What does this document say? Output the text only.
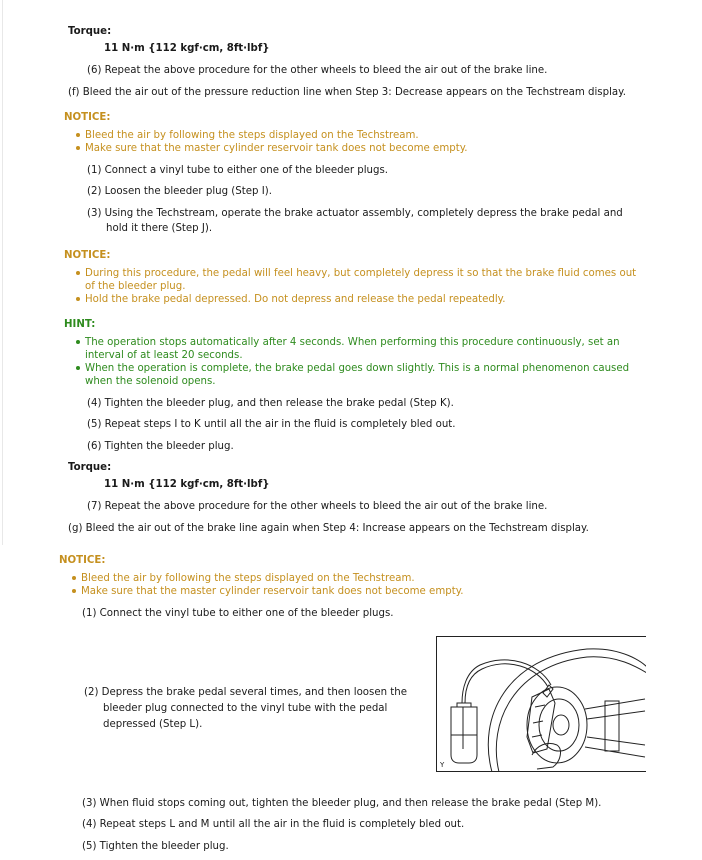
Torque:
11 N·m {112 kgf·cm, 8ft·lbf}
(6) Repeat the above procedure for the other wheels to bleed the air out of the brake line.
(f) Bleed the air out of the pressure reduction line when Step 3: Decrease appears on the Techstream display.
NOTICE:
Bleed the air by following the steps displayed on the Techstream.
Make sure that the master cylinder reservoir tank does not become empty.
(1) Connect a vinyl tube to either one of the bleeder plugs.
(2) Loosen the bleeder plug (Step I).
(3) Using the Techstream, operate the brake actuator assembly, completely depress the brake pedal and
hold it there (Step J).
NOTICE:
During this procedure, the pedal will feel heavy, but completely depress it so that the brake fluid comes out
of the bleeder plug.
Hold the brake pedal depressed. Do not depress and release the pedal repeatedly.
HINT:
The operation stops automatically after 4 seconds. When performing this procedure continuously, set an
interval of at least 20 seconds.
When the operation is complete, the brake pedal goes down slightly. This is a normal phenomenon caused
when the solenoid opens.
(4) Tighten the bleeder plug, and then release the brake pedal (Step K).
(5) Repeat steps I to K until all the air in the fluid is completely bled out.
(6) Tighten the bleeder plug.
Torque:
11 N·m {112 kgf·cm, 8ft·lbf}
(7) Repeat the above procedure for the other wheels to bleed the air out of the brake line.
(g) Bleed the air out of the brake line again when Step 4: Increase appears on the Techstream display.
NOTICE:
Bleed the air by following the steps displayed on the Techstream.
Make sure that the master cylinder reservoir tank does not become empty.
(1) Connect the vinyl tube to either one of the bleeder plugs.
(2) Depress the brake pedal several times, and then loosen the
bleeder plug connected to the vinyl tube with the pedal
depressed (Step L).
Y
(3) When fluid stops coming out, tighten the bleeder plug, and then release the brake pedal (Step M).
(4) Repeat steps L and M until all the air in the fluid is completely bled out.
(5) Tighten the bleeder plug.
